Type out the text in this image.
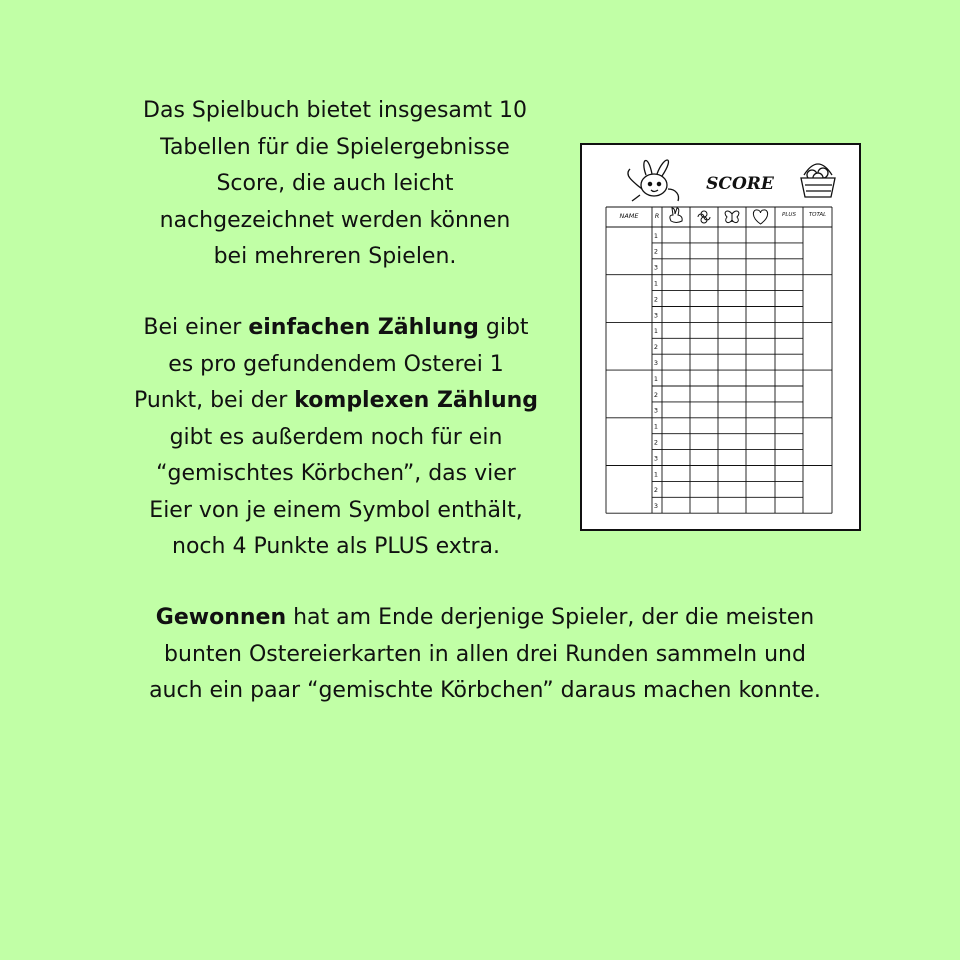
Das Spielbuch bietet insgesamt 10
Tabellen für die Spielergebnisse
Score, die auch leicht
nachgezeichnet werden können
bei mehreren Spielen.

Bei einer einfachen Zählung gibt
es pro gefundendem Osterei 1
Punkt, bei der komplexen Zählung
gibt es außerdem noch für ein
“gemischtes Körbchen”, das vier
Eier von je einem Symbol enthält,
noch 4 Punkte als PLUS extra.

Gewonnen hat am Ende derjenige Spieler, der die meisten
bunten Ostereierkarten in allen drei Runden sammeln und
auch ein paar “gemischte Körbchen” daraus machen konnte.

SCORE
NAME R	PLUS TOTAL
1
2
3
1
2
3
1
2
3
1
2
3
1
2
3
1
2
3
